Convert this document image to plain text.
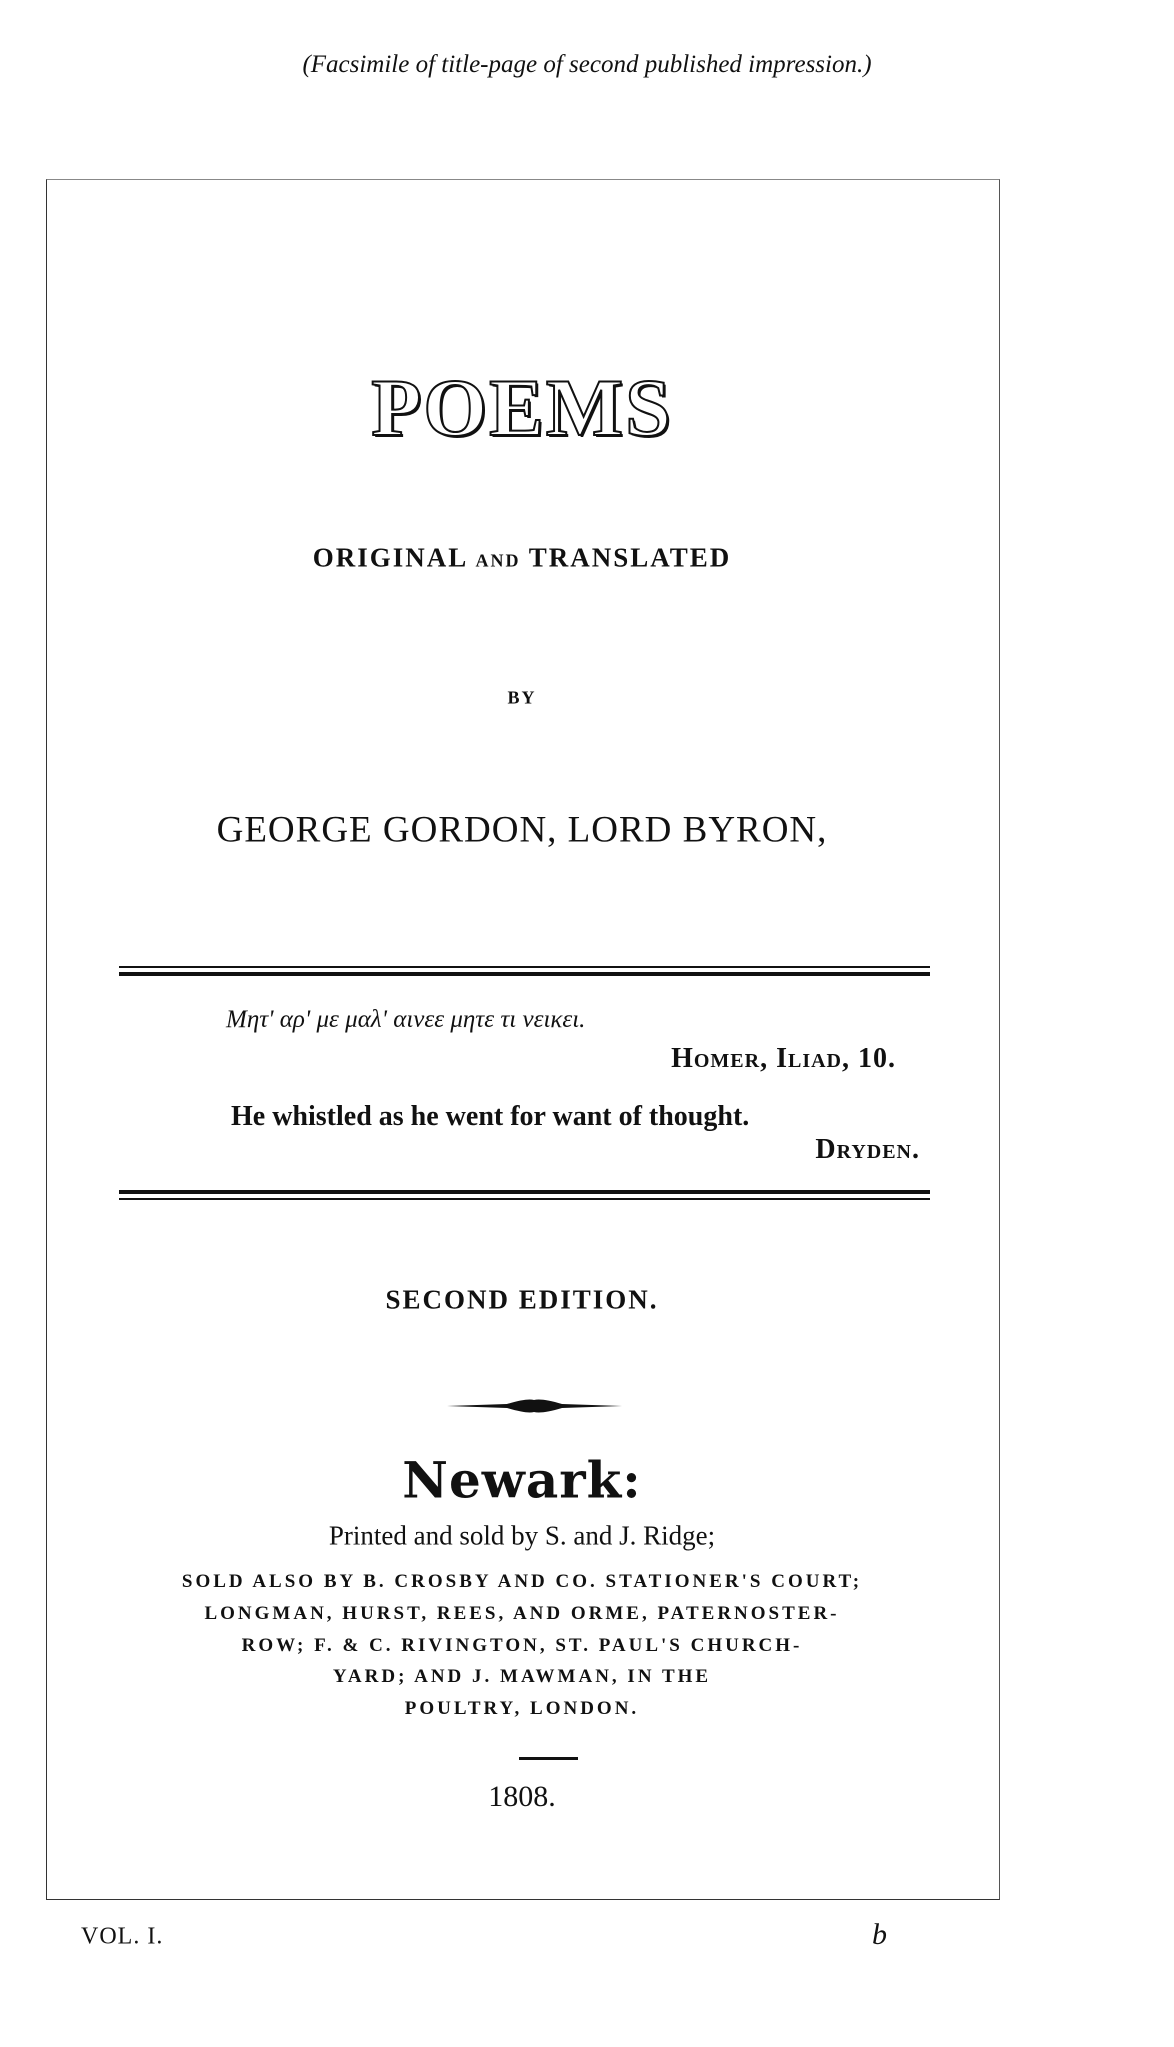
(Facsimile of title-page of second published impression.)
POEMS
ORIGINAL AND TRANSLATED
BY
GEORGE GORDON, LORD BYRON,
Μητ' αρ' με μαλ' αινεε μητε τι νεικει.
Homer, Iliad, 10.
He whistled as he went for want of thought.
Dryden.
SECOND EDITION.
Newark:
Printed and sold by S. and J. Ridge;
SOLD ALSO BY B. CROSBY AND CO. STATIONER'S COURT;
LONGMAN, HURST, REES, AND ORME, PATERNOSTER-
ROW; F. & C. RIVINGTON, ST. PAUL'S CHURCH-
YARD; AND J. MAWMAN, IN THE
POULTRY, LONDON.
1808.
VOL. I.	b
